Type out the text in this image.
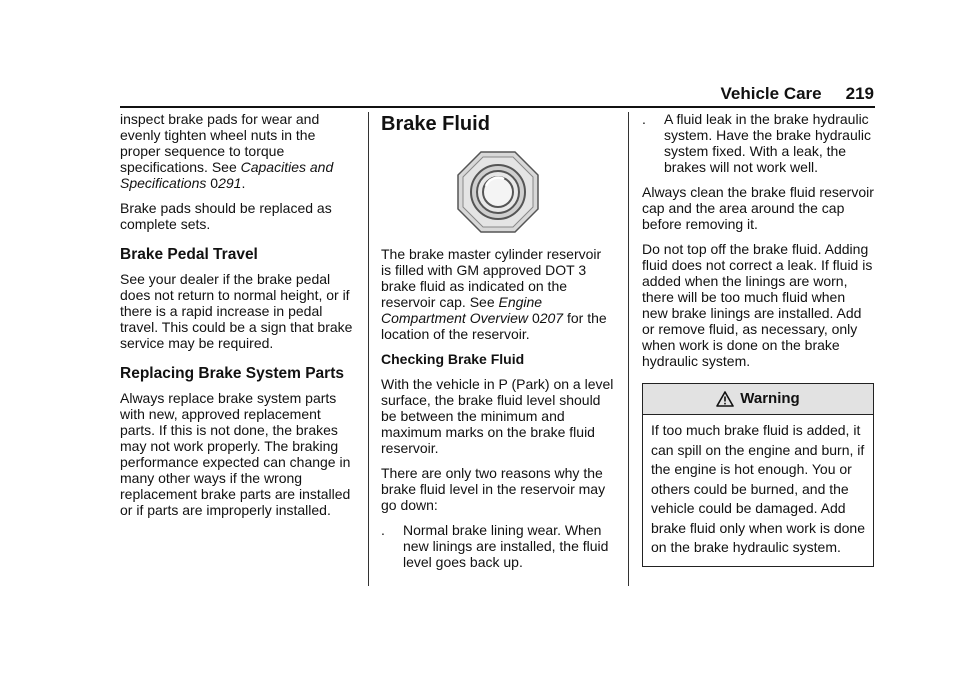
Vehicle Care 219

inspect brake pads for wear and evenly tighten wheel nuts in the proper sequence to torque specifications. See Capacities and Specifications 0291.

Brake pads should be replaced as complete sets.

Brake Pedal Travel

See your dealer if the brake pedal does not return to normal height, or if there is a rapid increase in pedal travel. This could be a sign that brake service may be required.

Replacing Brake System Parts

Always replace brake system parts with new, approved replacement parts. If this is not done, the brakes may not work properly. The braking performance expected can change in many other ways if the wrong replacement brake parts are installed or if parts are improperly installed.

Brake Fluid

The brake master cylinder reservoir is filled with GM approved DOT 3 brake fluid as indicated on the reservoir cap. See Engine Compartment Overview 0207 for the location of the reservoir.

Checking Brake Fluid

With the vehicle in P (Park) on a level surface, the brake fluid level should be between the minimum and maximum marks on the brake fluid reservoir.

There are only two reasons why the brake fluid level in the reservoir may go down:

. Normal brake lining wear. When new linings are installed, the fluid level goes back up.
. A fluid leak in the brake hydraulic system. Have the brake hydraulic system fixed. With a leak, the brakes will not work well.

Always clean the brake fluid reservoir cap and the area around the cap before removing it.

Do not top off the brake fluid. Adding fluid does not correct a leak. If fluid is added when the linings are worn, there will be too much fluid when new brake linings are installed. Add or remove fluid, as necessary, only when work is done on the brake hydraulic system.

Warning
If too much brake fluid is added, it can spill on the engine and burn, if the engine is hot enough. You or others could be burned, and the vehicle could be damaged. Add brake fluid only when work is done on the brake hydraulic system.
